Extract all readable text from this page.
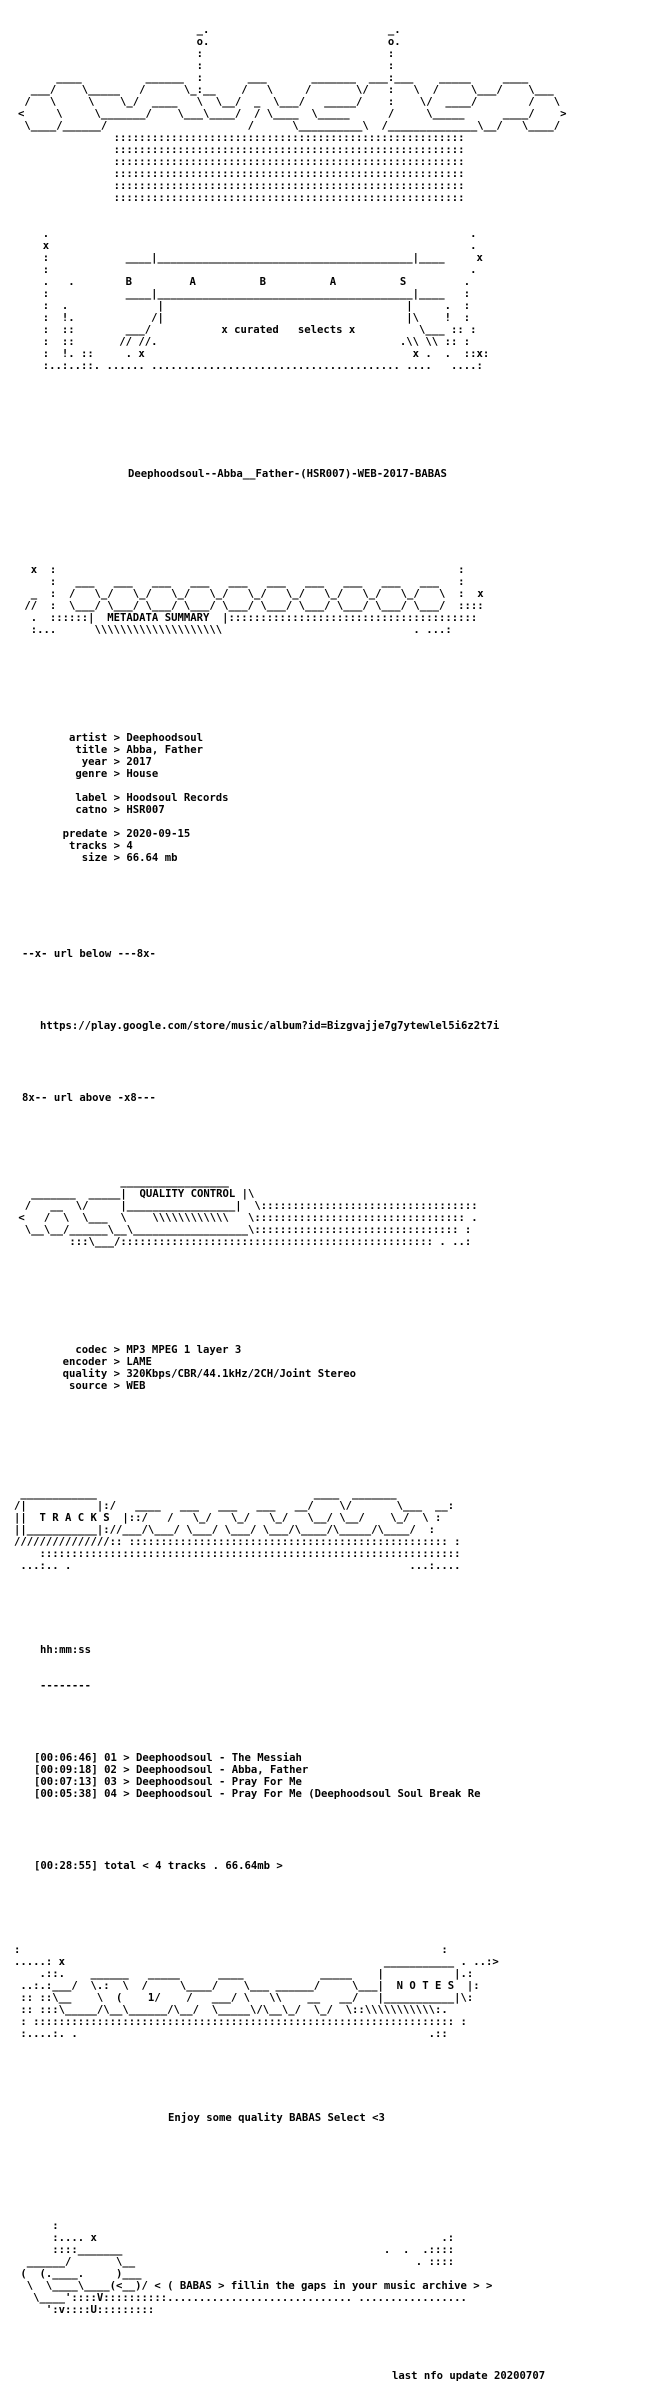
_.                            _.
o.                            o.
:                             :
:                             :
____          ______  :       ___       _______  ___:___    _____     ____
___/    \_____   /      \_:__    /   \     /       \/   :   \  /     \___/    \___
/   \     \    \_/  ____   \  \__/  _  \___/   _____/    :    \/  ____/        /   \
<     \     \_______/    \___\____/  / \____  \_____      /     \_____      ____/    >
\____/______/                      /      \__________\  /______________\__/   \____/
:::::::::::::::::::::::::::::::::::::::::::::::::::::::
:::::::::::::::::::::::::::::::::::::::::::::::::::::::
:::::::::::::::::::::::::::::::::::::::::::::::::::::::
:::::::::::::::::::::::::::::::::::::::::::::::::::::::
:::::::::::::::::::::::::::::::::::::::::::::::::::::::
:::::::::::::::::::::::::::::::::::::::::::::::::::::::

.                                                                  .
x                                                                  .
:            ____|________________________________________|____     x
:                                                                  .
.   .        B         A          B          A          S         .
:            ____|________________________________________|____   :
:  .              |                                      |     .  :
:  !.            /|                                      |\    !  :
:  ::        ___/           x curated   selects x          \___ :: :
:  ::       // //.                                      .\\ \\ :: :
:  !. ::     . x                                          x .  .  ::x:
:..:..::. ...... ....................................... ....   ....:

Deephoodsoul--Abba__Father-(HSR007)-WEB-2017-BABAS

x  :                                                               :
:   ___   ___   ___   ___   ___   ___   ___   ___   ___   ___   :
_  :  /   \_/   \_/   \_/   \_/   \_/   \_/   \_/   \_/   \_/   \  :  x
//  :  \___/ \___/ \___/ \___/ \___/ \___/ \___/ \___/ \___/ \___/  ::::
.  ::::::|  METADATA SUMMARY  |:::::::::::::::::::::::::::::::::::::::
:...      \\\\\\\\\\\\\\\\\\\\                              . ...:

artist > Deephoodsoul
title > Abba, Father
year > 2017
genre > House

label > Hoodsoul Records
catno > HSR007

predate > 2020-09-15
tracks > 4
size > 66.64 mb

--x- url below ---8x-

https://play.google.com/store/music/album?id=Bizgvajje7g7ytewlel5i6z2t7i

8x-- url above -x8---

_________________
_______  _____|  QUALITY CONTROL |\
/   __  \/     |_________________|  \::::::::::::::::::::::::::::::::::
<   /  \  \___  \    \\\\\\\\\\\\   \::::::::::::::::::::::::::::::::: .
\__\__/______\__\__________________\:::::::::::::::::::::::::::::::: :
:::\___/::::::::::::::::::::::::::::::::::::::::::::::::: . ..:

codec > MP3 MPEG 1 layer 3
encoder > LAME
quality > 320Kbps/CBR/44.1kHz/2CH/Joint Stereo
source > WEB

____________                                  ____  _______
/|           |:/   ____   ___   ___   ___   __/    \/       \___  __:
||  T R A C K S  |::/   /   \_/   \_/   \_/   \__/ \__/    \_/  \ :
||___________|://___/\___/ \___/ \___/ \___/\____/\_____/\____/  :
///////////////:: :::::::::::::::::::::::::::::::::::::::::::::::::: :
::::::::::::::::::::::::::::::::::::::::::::::::::::::::::::::::::
...:.. .                                                     ...:....

hh:mm:ss

--------

[00:06:46] 01 > Deephoodsoul - The Messiah
[00:09:18] 02 > Deephoodsoul - Abba, Father
[00:07:13] 03 > Deephoodsoul - Pray For Me
[00:05:38] 04 > Deephoodsoul - Pray For Me (Deephoodsoul Soul Break Re

[00:28:55] total < 4 tracks . 66.64mb >

:                                                                  :
.....: x                                                  ___________ . ..:>
.::.    ______   _____      ____            _____    |           |.:
..:.:___/  \.:  \  /     \____/    \___ ______/     \___|  N O T E S  |:
:: ::\__    \  (    1/    /   ___/ \   \\    __   __/   |___________|\:
:: :::\_____/\__\______/\__/  \_____\/\__\_/  \_/  \::\\\\\\\\\\\:.
: :::::::::::::::::::::::::::::::::::::::::::::::::::::::::::::::::: :
:....:. .                                                       .::

Enjoy some quality BABAS Select <3

:
:.... x                                                      .:
::::_______                                         .  .  .::::
______/       \__                                            . ::::
(  (.____.     )___
\  \____\____(<__)/ < ( BABAS > fillin the gaps in your music archive > >
\____'::::V::::::::::............................. .................
':v::::U:::::::::

last nfo update 20200707
